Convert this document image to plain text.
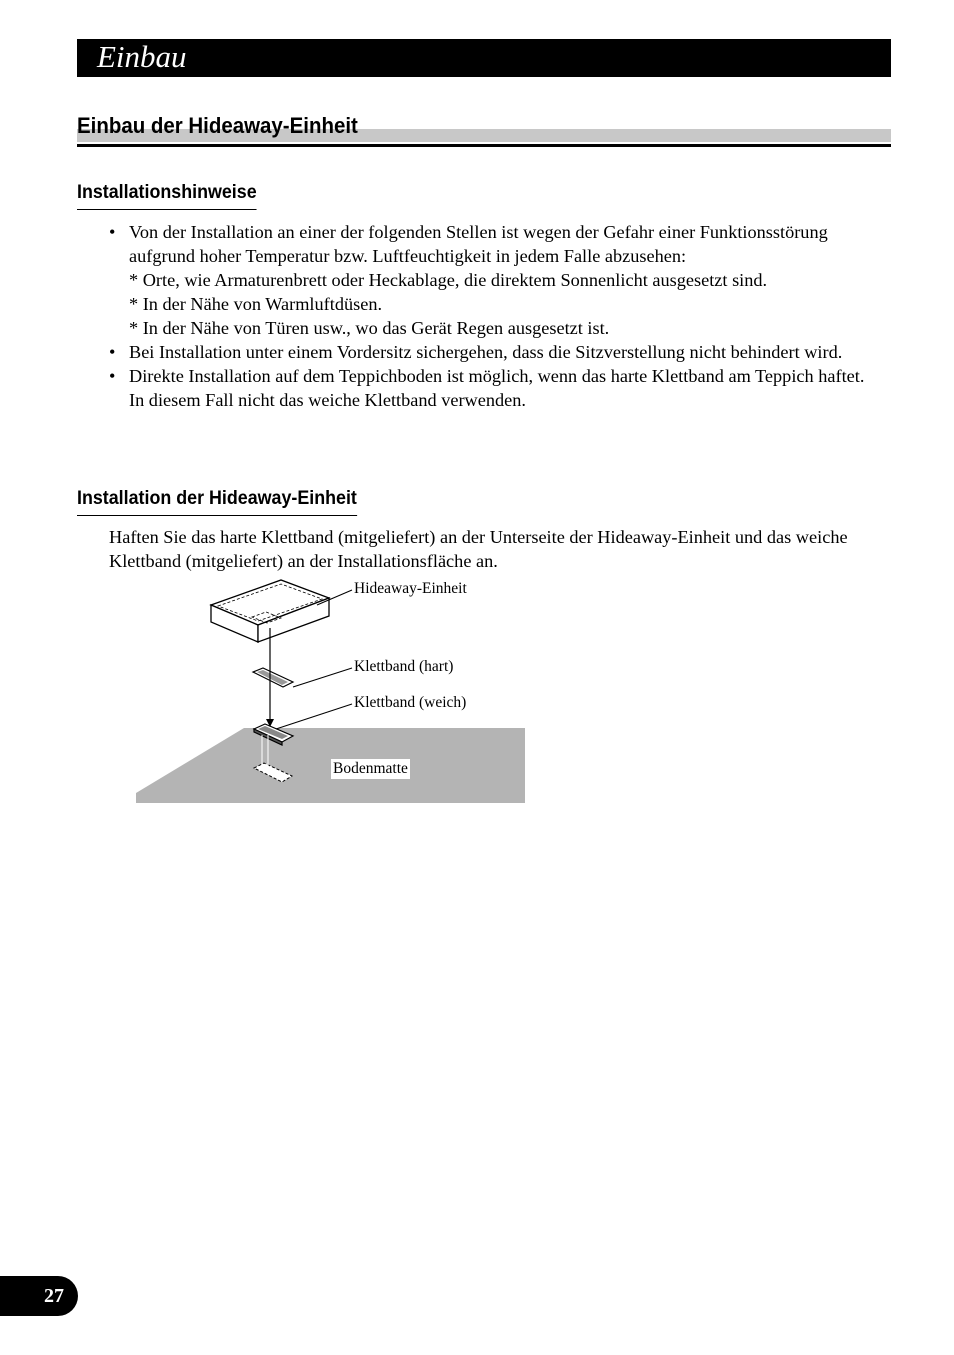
Einbau
Einbau der Hideaway-Einheit
Installationshinweise
• Von der Installation an einer der folgenden Stellen ist wegen der Gefahr einer Funktionsstörung aufgrund hoher Temperatur bzw. Luftfeuchtigkeit in jedem Falle abzusehen:
* Orte, wie Armaturenbrett oder Heckablage, die direktem Sonnenlicht ausgesetzt sind.
* In der Nähe von Warmluftdüsen.
* In der Nähe von Türen usw., wo das Gerät Regen ausgesetzt ist.
• Bei Installation unter einem Vordersitz sichergehen, dass die Sitzverstellung nicht behindert wird.
• Direkte Installation auf dem Teppichboden ist möglich, wenn das harte Klettband am Teppich haftet. In diesem Fall nicht das weiche Klettband verwenden.
Installation der Hideaway-Einheit

Haften Sie das harte Klettband (mitgeliefert) an der Unterseite der Hideaway-Einheit und das weiche Klettband (mitgeliefert) an der Installationsfläche an.

Hideaway-Einheit
Klettband (hart)
Klettband (weich)
Bodenmatte
27
